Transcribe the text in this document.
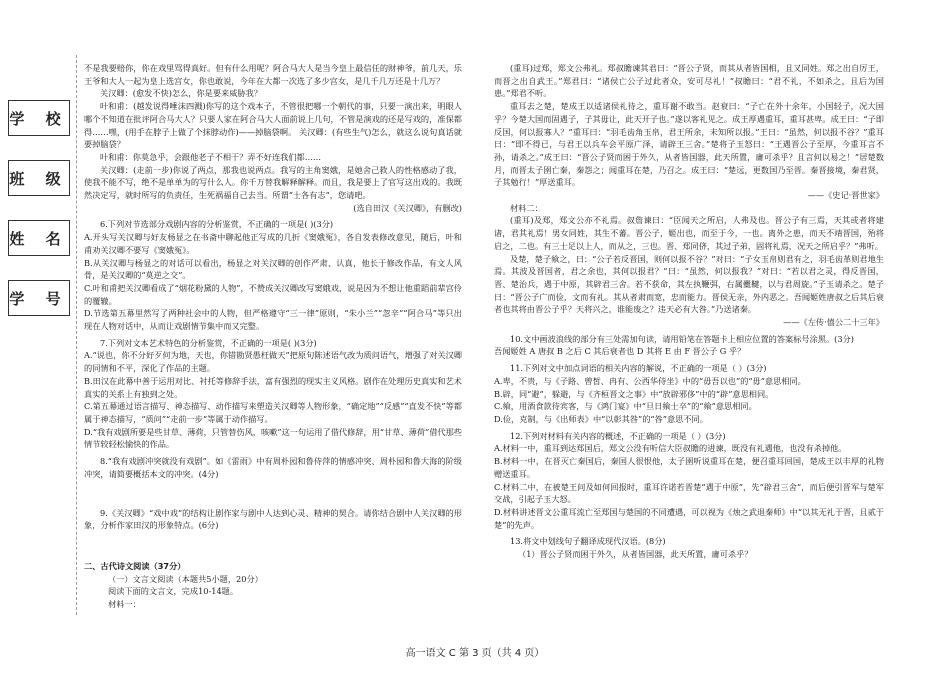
学 校
班 级
姓 名
学 号

不是我要赔你，你在戏里骂得真好。但有什么用呢？阿合马大人是当今皇上最信任的财神爷，前几天，乐王爷和大人一起为皇上选宫女，你也敢说，今年在大都一次选了多少宫女，是几千几万还是十几万？

关汉卿：(愈发不快)怎么，你是要来威胁我？

叶和甫：(越发说得唾沫四溅)你写的这个戏本子，不管很把哪一个朝代的事，只要一演出来，明眼人哪个不知道在批评阿合马大人？只要人家在阿合马大人面前说上几句，不管是演戏的还是写戏的，准保都得……嘿，(用手在脖子上做了个抹脖动作)——掉脑袋啊。 关汉卿：(有些生气)怎么，就这么说句真话就要掉脑袋？

叶和甫：你莫急乎，会跟他老子不相干？弄不好连我们都……

关汉卿：(走前一步)你说了两点，那我也说两点。我写的主角窦娥，是她舍己救人的性格感动了我，使我不能不写，绝不是单单为的写什么人。你千万替我解释解释。而且，我是要上了官写这出戏的。我既然决定写，就时所写的负责任，生死祸福自己去当。所谓“士各有志”，您请吧。

(选自田汉《关汉卿》，有删改)

6.下列对节选部分戏剧内容的分析鉴赏，不正确的一项是( )(3分)

A.开头写关汉卿与好友杨显之在书斋中聊起他正写成的几折《窦娥冤》，各自发表修改意见，随后，叶和甫劝关汉卿不要写《窦娥冤》。

B.从关汉卿与杨显之的对话可以看出，杨显之对关汉卿的创作严肃、认真，他长于修改作品，有文人风骨，是关汉卿的“莫逆之交”。

C.叶和甫把关汉卿看成了“烟花粉黛的人物”，不赞成关汉卿改写窦娥戏，说是因为不想让他重蹈前辈宫伶的覆辙。

D.节选第五幕里然写了两种社会中的人物，但严格遵守“三一律”原则，“朱小兰”“忽辛”“阿合马”等只出现在人物对话中，从而让戏剧情节集中而又完整。

7.下列对文本艺术特色的分析鉴赏，不正确的一项是( )(3分)

A.“说也，你不分好歹何为地，天也，你错勘贤愚枉做天”把原句陈述语气改为质问语气，增强了对关汉卿的同情和不平，深化了作品的主题。

B.田汉在此幕中善于运用对比、衬托等修辞手法，富有强烈的现实主义风格。剧作在处理历史真实和艺术真实的关系上有独到之处。

C.第五幕通过语言描写、神态描写、动作描写来塑造关汉卿等人物形象，“确定地”“反感”“直发不快”等都属于神态描写，“质问”“走前一步”等属于动作描写。

D.“我有戏剧所要是些甘草、薄荷，只管替伤风，咳嗽”这一句运用了借代修辞，用“甘草、薄荷”借代那些情节较轻松愉快的作品。

8.“我有戏剧冲突就没有戏剧”。如《雷雨》中有周朴园和鲁侍萍的情感冲突、周朴园和鲁大海的阶级冲突，请简要概括本文的冲突。(4分)

9.《关汉卿》“戏中戏”的结构让剧作家与剧中人达到心灵、精神的契合。请你结合剧中人关汉卿的形象，分析作家田汉的形象特点。(6分)

二、古代诗文阅读（37分）

（一）文言文阅读（本题共5小题，20分）

阅读下面的文言文，完成10-14题。

材料一：

(重耳)过郑，郑文公弗礼。郑叔瞻谏其君曰：“晋公子贤，而其从者皆国相，且又同姓。郑之出自厉王，而晋之出自武王。”郑君曰：“诸侯亡公子过此者众，安可尽礼！”叔瞻曰：“君不礼，不如杀之，且后为国患。”郑君不听。

重耳去之楚，楚成王以适诸侯礼待之，重耳谢不敢当。赵衰曰：“子亡在外十余年，小国轻子，况大国乎？今楚大国而固遇子，子其毋让，此天开子也。”遂以客礼见之。成王厚遇重耳，重耳甚卑。成王曰：“子即反国，何以报寡人？”重耳曰：“羽毛齿角玉帛，君王所余，未知所以报。”王曰：“虽然，何以报不谷？”重耳曰：“即不得已，与君王以兵车会平原广泽，请辟王三舍。”楚将子玉怒曰：“王遇晋公子至厚，今重耳言不孙，请杀之。”成王曰：“晋公子贤而困于外久，从者皆国器，此天所置，庸可杀乎？且言何以易之！”居楚数月，而晋太子圉亡秦，秦怨之；闻重耳在楚，乃召之。成王曰：“楚远，更数国乃至晋。秦晋接境，秦君贤，子其勉行！”厚送重耳。

——《史记·晋世家》

材料二：

(重耳)及郑，郑文公亦不礼焉。叔詹谏曰：“臣闻天之所启，人弗及也。晋公子有三焉，天其或者将建诸，君其礼焉！男女同姓，其生不蕃。晋公子，姬出也，而至于今，一也。离外之患，而天不靖晋国，殆将启之，二也。有三士足以上人，而从之，三也。晋、郑同侪，其过子弟，固将礼焉，况天之所启乎？”弗听。

及楚，楚子飨之，曰：“公子若反晋国，则何以报不谷？”对曰：“子女玉帛则君有之，羽毛齿革则君地生焉。其波及晋国者，君之余也，其何以报君？”曰：“虽然，何以报我？”对曰：“若以君之灵，得反晋国，晋、楚治兵，遇于中原，其辟君三舍。若不获命，其左执鞭弭，右属櫜鞬，以与君周旋。”子玉请杀之。楚子曰：“晋公子广而俭，文而有礼。其从者肃而宽，忠而能力。晋侯无亲，外内恶之。吾闻姬姓唐叔之后其后衰者也其将由晋公子乎？天将兴之，谁能废之？违天必有大咎。”乃送诸秦。

——《左传·僖公二十三年》

10.文中画波浪线的部分有三处需加句读，请用铅笔在答题卡上相应位置的答案标号涂黑。(3分)

吾闻姬姓 A 唐叔 B 之后 C 其后衰者也 D 其将 E 由 F 晋公子 G 乎？

11.下列对文中加点词语的相关内容的解说，不正确的一项是（ ）(3分)

A.卑，不贵，与《子路、曾皙、冉有、公西华侍坐》中的“毋吾以也”的“毋”意思相同。

B.辟，同“避”，躲避，与《齐桓晋文之事》中“放辟邪侈”中的“辟”意思相同。

C.飨，用酒食款待宾客，与《鸿门宴》中“旦日飨士卒”的“飨”意思相同。

D.俭，克制，与《出师表》中“以彰其咎”的“咎”意思不同。

12.下列对材料有关内容的概述，不正确的一项是（ ）(3分)

A.材料一中，重耳到达郑国后，郑文公没有听信大臣叔瞻的进谏，既没有礼遇他，也没有杀掉他。

B.材料一中，在晋灭亡秦国后，秦国人很恨他，太子圉听说重耳在楚，便召重耳回国，楚成王以丰厚的礼物赠送重耳。

C.材料二中，在被楚王问及如何回报时，重耳许诺若晋楚“遇于中原”，先“辟君三舍”，而后便引晋军与楚军交战，引起子玉大怒。

D.材料讲述晋文公重耳流亡至郑国与楚国的不同遭遇，可以视为《烛之武退秦师》中“以其无礼于晋，且贰于楚”的先声。

13.将文中划线句子翻译成现代汉语。(8分)

（1）晋公子贤而困于外久，从者皆国器，此天所置，庸可杀乎？

高一语文 C 第 3 页（共 4 页）
